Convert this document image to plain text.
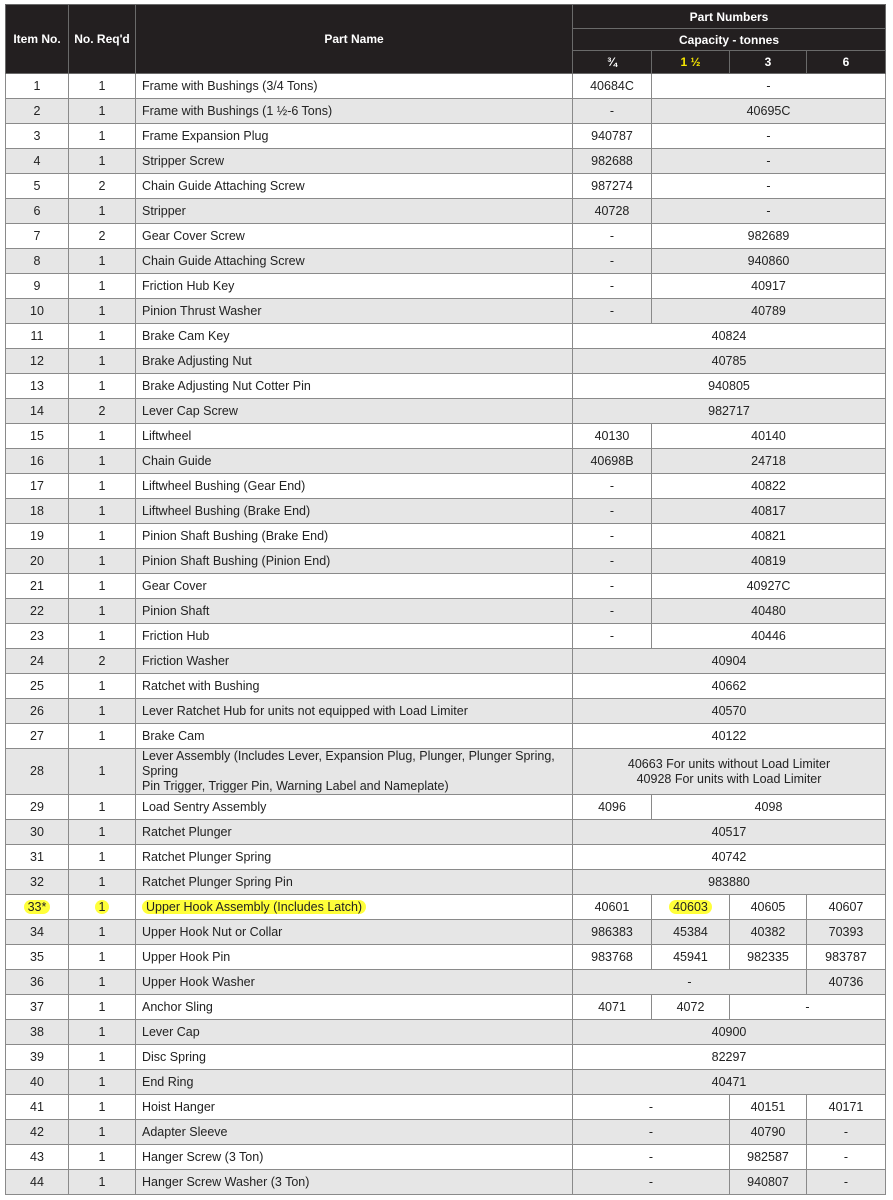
Item No.	No. Req'd	Part Name	Part Numbers			
			Capacity - tonnes			
			¾	1 ½	3	6
1	1	Frame with Bushings (3/4 Tons)	40684C	-		
2	1	Frame with Bushings (1 ½-6 Tons)	-	40695C		
3	1	Frame Expansion Plug	940787	-		
4	1	Stripper Screw	982688	-		
5	2	Chain Guide Attaching Screw	987274	-		
6	1	Stripper	40728	-		
7	2	Gear Cover Screw	-	982689		
8	1	Chain Guide Attaching Screw	-	940860		
9	1	Friction Hub Key	-	40917		
10	1	Pinion Thrust Washer	-	40789		
11	1	Brake Cam Key	40824			
12	1	Brake Adjusting Nut	40785			
13	1	Brake Adjusting Nut Cotter Pin	940805			
14	2	Lever Cap Screw	982717			
15	1	Liftwheel	40130	40140		
16	1	Chain Guide	40698B	24718		
17	1	Liftwheel Bushing (Gear End)	-	40822		
18	1	Liftwheel Bushing (Brake End)	-	40817		
19	1	Pinion Shaft Bushing (Brake End)	-	40821		
20	1	Pinion Shaft Bushing (Pinion End)	-	40819		
21	1	Gear Cover	-	40927C		
22	1	Pinion Shaft	-	40480		
23	1	Friction Hub	-	40446		
24	2	Friction Washer	40904			
25	1	Ratchet with Bushing	40662			
26	1	Lever Ratchet Hub for units not equipped with Load Limiter	40570			
27	1	Brake Cam	40122			
28	1	Lever Assembly (Includes Lever, Expansion Plug, Plunger, Plunger Spring, Spring
Pin Trigger, Trigger Pin, Warning Label and Nameplate)	40663 For units without Load Limiter
40928 For units with Load Limiter			

29	1	Load Sentry Assembly	4096	4098		
30	1	Ratchet Plunger	40517			
31	1	Ratchet Plunger Spring	40742			
32	1	Ratchet Plunger Spring Pin	983880			
33*	1	Upper Hook Assembly (Includes Latch)	40601	40603	40605	40607
34	1	Upper Hook Nut or Collar	986383	45384	40382	70393
35	1	Upper Hook Pin	983768	45941	982335	983787
36	1	Upper Hook Washer	-			40736
37	1	Anchor Sling	4071	4072	-	
38	1	Lever Cap	40900			
39	1	Disc Spring	82297			
40	1	End Ring	40471			
41	1	Hoist Hanger	-		40151	40171
42	1	Adapter Sleeve	-		40790	-
43	1	Hanger Screw (3 Ton)	-		982587	-
44	1	Hanger Screw Washer (3 Ton)	-		940807	-
